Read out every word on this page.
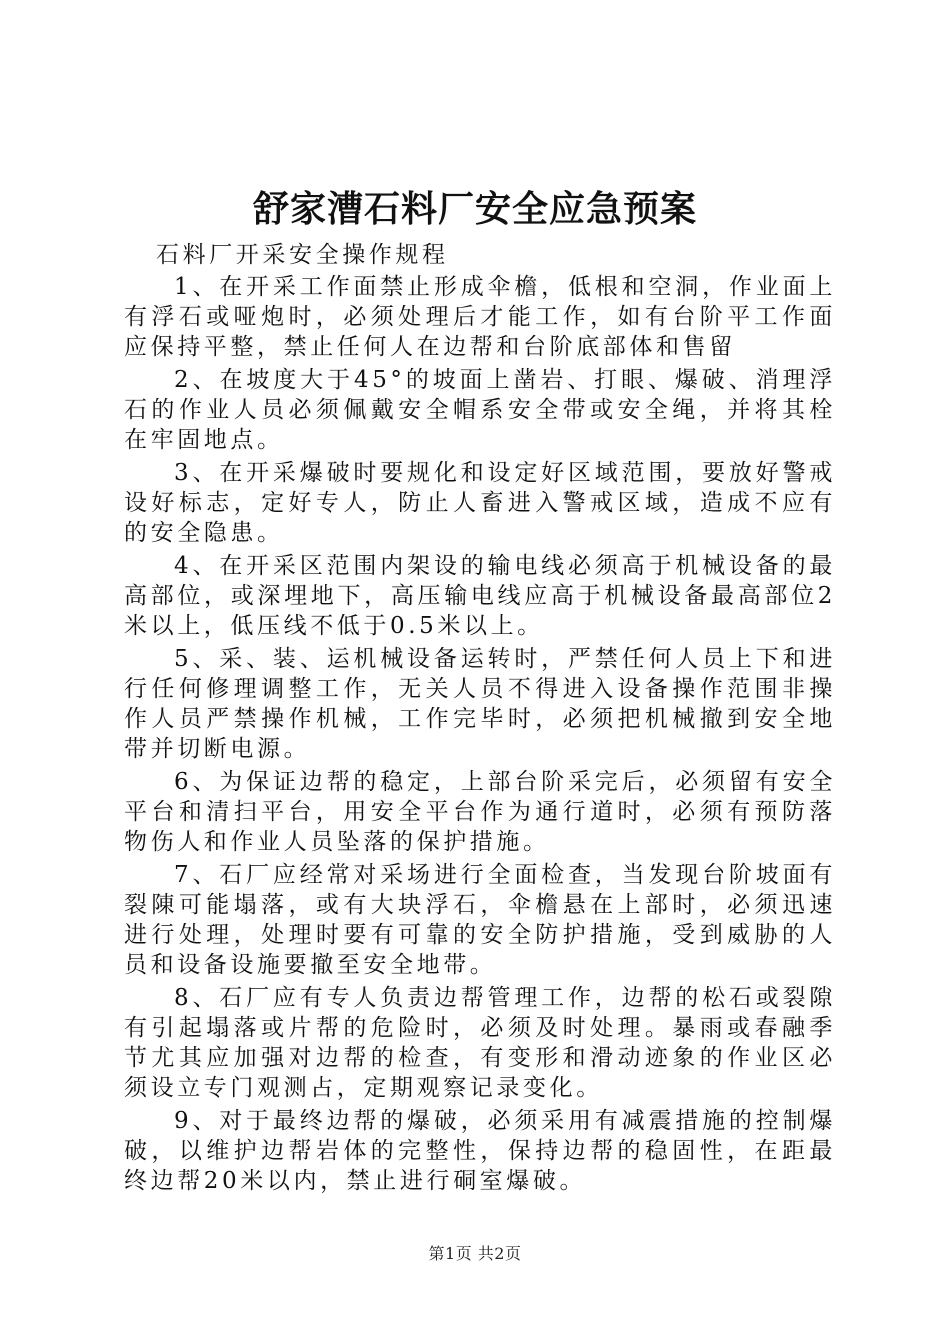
舒家漕石料厂安全应急预案

石料厂开采安全操作规程

1、在开采工作面禁止形成伞檐，低根和空洞，作业面上有浮石或哑炮时，必须处理后才能工作，如有台阶平工作面应保持平整，禁止任何人在边帮和台阶底部体和售留

2、在坡度大于45°的坡面上凿岩、打眼、爆破、消理浮石的作业人员必须佩戴安全帽系安全带或安全绳，并将其栓在牢固地点。

3、在开采爆破时要规化和设定好区域范围，要放好警戒设好标志，定好专人，防止人畜进入警戒区域，造成不应有的安全隐患。

4、在开采区范围内架设的输电线必须高于机械设备的最高部位，或深埋地下，高压输电线应高于机械设备最高部位2米以上，低压线不低于0.5米以上。

5、采、装、运机械设备运转时，严禁任何人员上下和进行任何修理调整工作，无关人员不得进入设备操作范围非操作人员严禁操作机械，工作完毕时，必须把机械撤到安全地带并切断电源。

6、为保证边帮的稳定，上部台阶采完后，必须留有安全平台和清扫平台，用安全平台作为通行道时，必须有预防落物伤人和作业人员坠落的保护措施。

7、石厂应经常对采场进行全面检查，当发现台阶坡面有裂陳可能塌落，或有大块浮石，伞檐悬在上部时，必须迅速进行处理，处理时要有可靠的安全防护措施，受到威胁的人员和设备设施要撤至安全地带。

8、石厂应有专人负责边帮管理工作，边帮的松石或裂隙有引起塌落或片帮的危险时，必须及时处理。暴雨或春融季节尤其应加强对边帮的检查，有变形和滑动迹象的作业区必须设立专门观测占，定期观察记录变化。

9、对于最终边帮的爆破，必须采用有减震措施的控制爆破，以维护边帮岩体的完整性，保持边帮的稳固性，在距最终边帮20米以内，禁止进行硐室爆破。

第1页 共2页
